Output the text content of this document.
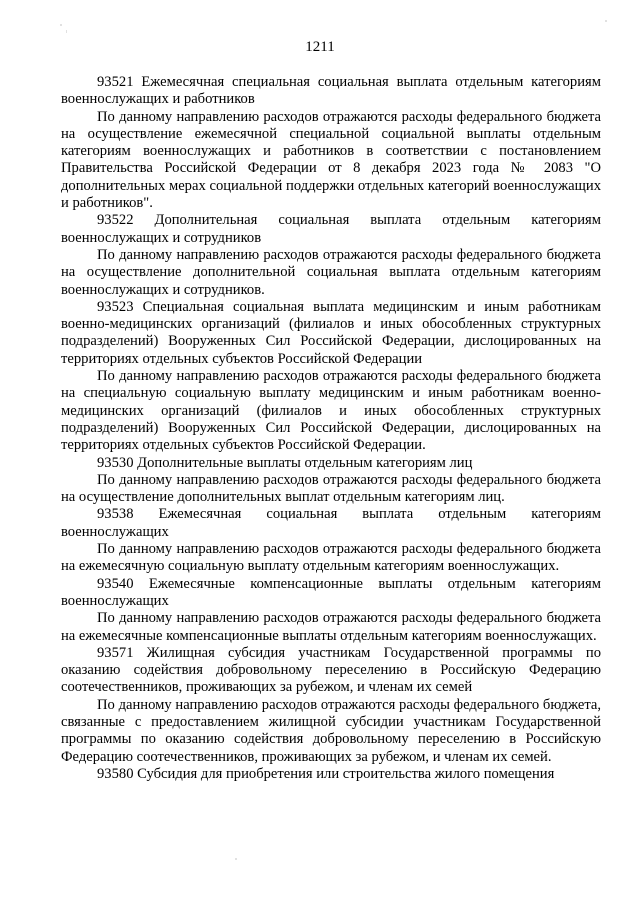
1211

93521 Ежемесячная специальная социальная выплата отдельным категориям военнослужащих и работников

По данному направлению расходов отражаются расходы федерального бюджета на осуществление ежемесячной специальной социальной выплаты отдельным категориям военнослужащих и работников в соответствии с постановлением Правительства Российской Федерации от 8 декабря 2023 года № 2083 "О дополнительных мерах социальной поддержки отдельных категорий военнослужащих и работников".

93522 Дополнительная социальная выплата отдельным категориям военнослужащих и сотрудников

По данному направлению расходов отражаются расходы федерального бюджета на осуществление дополнительной социальная выплата отдельным категориям военнослужащих и сотрудников.

93523 Специальная социальная выплата медицинским и иным работникам военно-медицинских организаций (филиалов и иных обособленных структурных подразделений) Вооруженных Сил Российской Федерации, дислоцированных на территориях отдельных субъектов Российской Федерации

По данному направлению расходов отражаются расходы федерального бюджета на специальную социальную выплату медицинским и иным работникам военно-медицинских организаций (филиалов и иных обособленных структурных подразделений) Вооруженных Сил Российской Федерации, дислоцированных на территориях отдельных субъектов Российской Федерации.

93530 Дополнительные выплаты отдельным категориям лиц

По данному направлению расходов отражаются расходы федерального бюджета на осуществление дополнительных выплат отдельным категориям лиц.

93538 Ежемесячная социальная выплата отдельным категориям военнослужащих

По данному направлению расходов отражаются расходы федерального бюджета на ежемесячную социальную выплату отдельным категориям военнослужащих.

93540 Ежемесячные компенсационные выплаты отдельным категориям военнослужащих

По данному направлению расходов отражаются расходы федерального бюджета на ежемесячные компенсационные выплаты отдельным категориям военнослужащих.

93571 Жилищная субсидия участникам Государственной программы по оказанию содействия добровольному переселению в Российскую Федерацию соотечественников, проживающих за рубежом, и членам их семей

По данному направлению расходов отражаются расходы федерального бюджета, связанные с предоставлением жилищной субсидии участникам Государственной программы по оказанию содействия добровольному переселению в Российскую Федерацию соотечественников, проживающих за рубежом, и членам их семей.

93580 Субсидия для приобретения или строительства жилого помещения
